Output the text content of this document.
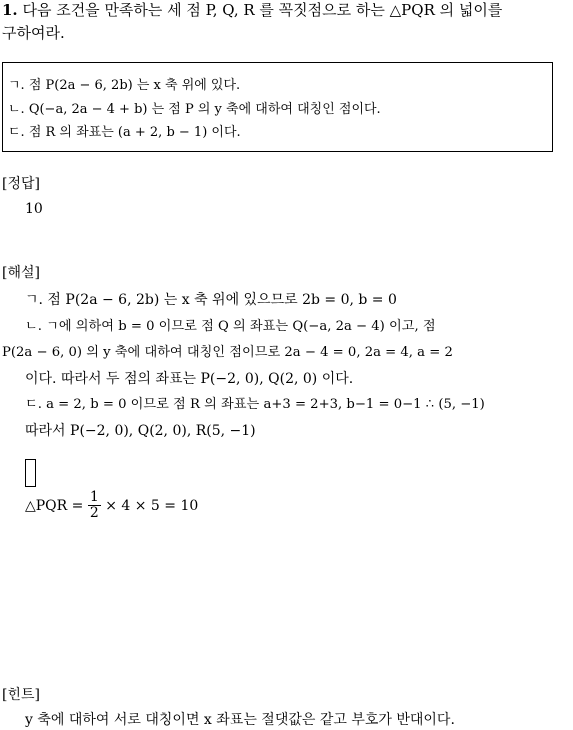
1. 다음 조건을 만족하는 세 점 P, Q, R 를 꼭짓점으로 하는 △PQR 의 넓이를
구하여라.
ㄱ. 점 P(2a − 6, 2b) 는 x 축 위에 있다.
ㄴ. Q(−a, 2a − 4 + b) 는 점 P 의 y 축에 대하여 대칭인 점이다.
ㄷ. 점 R 의 좌표는 (a + 2, b − 1) 이다.
[정답]
10
[해설]
ㄱ. 점 P(2a − 6, 2b) 는 x 축 위에 있으므로 2b = 0, b = 0
ㄴ. ㄱ에 의하여 b = 0 이므로 점 Q 의 좌표는 Q(−a, 2a − 4) 이고, 점
P(2a − 6, 0) 의 y 축에 대하여 대칭인 점이므로 2a − 4 = 0, 2a = 4, a = 2
이다. 따라서 두 점의 좌표는 P(−2, 0), Q(2, 0) 이다.
ㄷ. a = 2, b = 0 이므로 점 R 의 좌표는 a+3 = 2+3, b−1 = 0−1 ∴ (5, −1)
따라서 P(−2, 0), Q(2, 0), R(5, −1)
△PQR = $\frac{1}{2} \times 4 \times 5 = 10$
[힌트]
y 축에 대하여 서로 대칭이면 x 좌표는 절댓값은 같고 부호가 반대이다.
